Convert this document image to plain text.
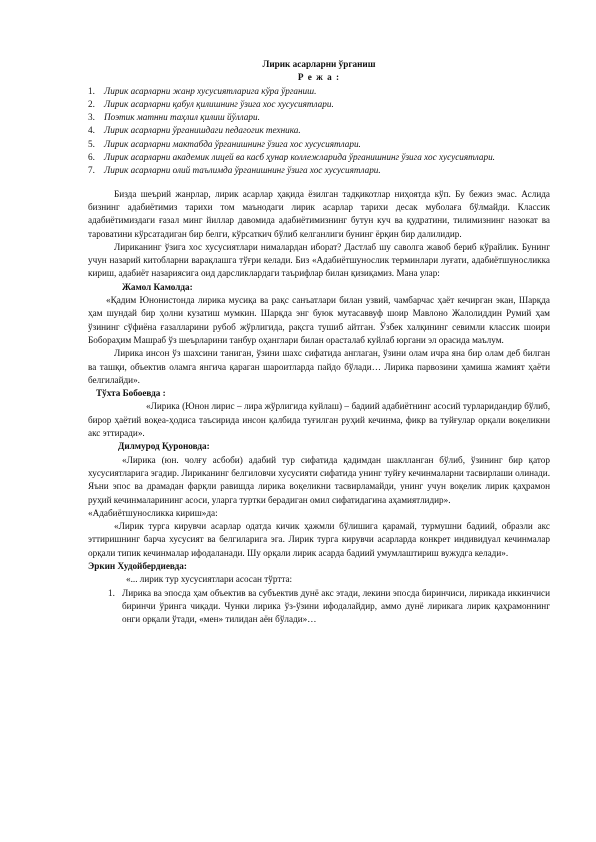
Лирик асарларни ўрганиш

Р е ж а :

1. Лирик асарларни жанр хусусиятларига кўра ўрганиш.
2. Лирик асарларни қабул қилишнинг ўзига хос хусусиятлари.
3. Поэтик матнни таҳлил қилиш йўллари.
4. Лирик асарларни ўрганишдаги педагогик техника.
5. Лирик асарларни мактабда ўрганишнинг ўзига хос хусусиятлари.
6. Лирик асарларни академик лицей ва касб ҳунар коллежларида ўрганишнинг ўзига хос хусусиятлари.
7. Лирик асарларни олий таълимда ўрганишнинг ўзига хос хусусиятлари.

Бизда шеърий жанрлар, лирик асарлар ҳақида ёзилган тадқикотлар ниҳоятда кўп. Бу бежиз эмас. Аслида бизнинг адабиётимиз тарихи том маънодаги лирик асарлар тарихи десак муболаға бўлмайди. Классик адабиётимиздаги ғазал минг йиллар давомида адабиётимизнинг бутун куч ва қудратини, тилимизнинг назокат ва тароватини кўрсатадиган бир белги, кўрсаткич бўлиб келганлиги бунинг ёрқин бир далилидир.

Лириканинг ўзига хос хусусиятлари нималардан иборат? Дастлаб шу саволга жавоб бериб кўрайлик. Бунинг учун назарий китобларни варақлашга тўғри келади. Биз «Адабиётшунослик терминлари луғати, адабиётшуносликка кириш, адабиёт назариясига оид дарсликлардаги таърифлар билан қизиқамиз. Мана улар:

Жамол Камолда:

«Қадим Юнонистонда лирика мусиқа ва рақс санъатлари билан узвий, чамбарчас ҳаёт кечирган экан, Шарқда ҳам шундай бир ҳолни кузатиш мумкин. Шарқда энг буюк мутасаввуф шоир Мавлоно Жалолиддин Румий ҳам ўзининг сўфиёна ғазалларини рубоб жўрлигида, рақсга тушиб айтган. Ўзбек халқининг севимли классик шоири Бобораҳим Машраб ўз шеърларини танбур оҳанглари билан орасталаб куйлаб юргани эл орасида маълум.

Лирика инсон ўз шахсини таниган, ўзини шахс сифатида англаган, ўзини олам ичра яна бир олам деб билган ва ташқи, объектив оламга янгича қараган шароитларда пайдо бўлади… Лирика парвозини ҳамиша жамият ҳаёти белгилайди».

Тўхта Бобоевда :

«Лирика (Юнон лирис – лира жўрлигида куйлаш) – бадиий адабиётнинг асосий турларидандир бўлиб, бирор ҳаётий воқеа-ҳодиса таъсирида инсон қалбида туғилган руҳий кечинма, фикр ва туйғулар орқали воқеликни акс эттиради».

Дилмурод Қуроновда:

«Лирика (юн. чолғу асбоби) адабий тур сифатида қадимдан шаклланган бўлиб, ўзининг бир қатор хусусиятларига эгадир. Лириканинг белгиловчи хусусияти сифатида унинг туйғу кечинмаларни тасвирлаши олинади. Яъни эпос ва драмадан фарқли равишда лирика воқеликни тасвирламайди, унинг учун воқелик лирик қаҳрамон руҳий кечинмаларининг асоси, уларга туртки берадиган омил сифатидагина аҳамиятлидир».

«Адабиётшуносликка кириш»да:

«Лирик турга кирувчи асарлар одатда кичик ҳажмли бўлишига қарамай, турмушни бадиий, образли акс эттиришнинг барча хусусият ва белгиларига эга. Лирик турга кирувчи асарларда конкрет индивидуал кечинмалар орқали типик кечинмалар ифодаланади. Шу орқали лирик асарда бадиий умумлаштириш вужудга келади».

Эркин Худойбердиевда:

«... лирик тур хусусиятлари асосан тўртта:

1. Лирика ва эпосда ҳам объектив ва субъектив дунё акс этади, лекини эпосда биринчиси, лирикада иккинчиси биринчи ўринга чиқади. Чунки лирика ўз-ўзини ифодалайдир, аммо дунё лирикага лирик қаҳрамоннинг онги орқали ўтади, «мен» тилидан аён бўлади»…
